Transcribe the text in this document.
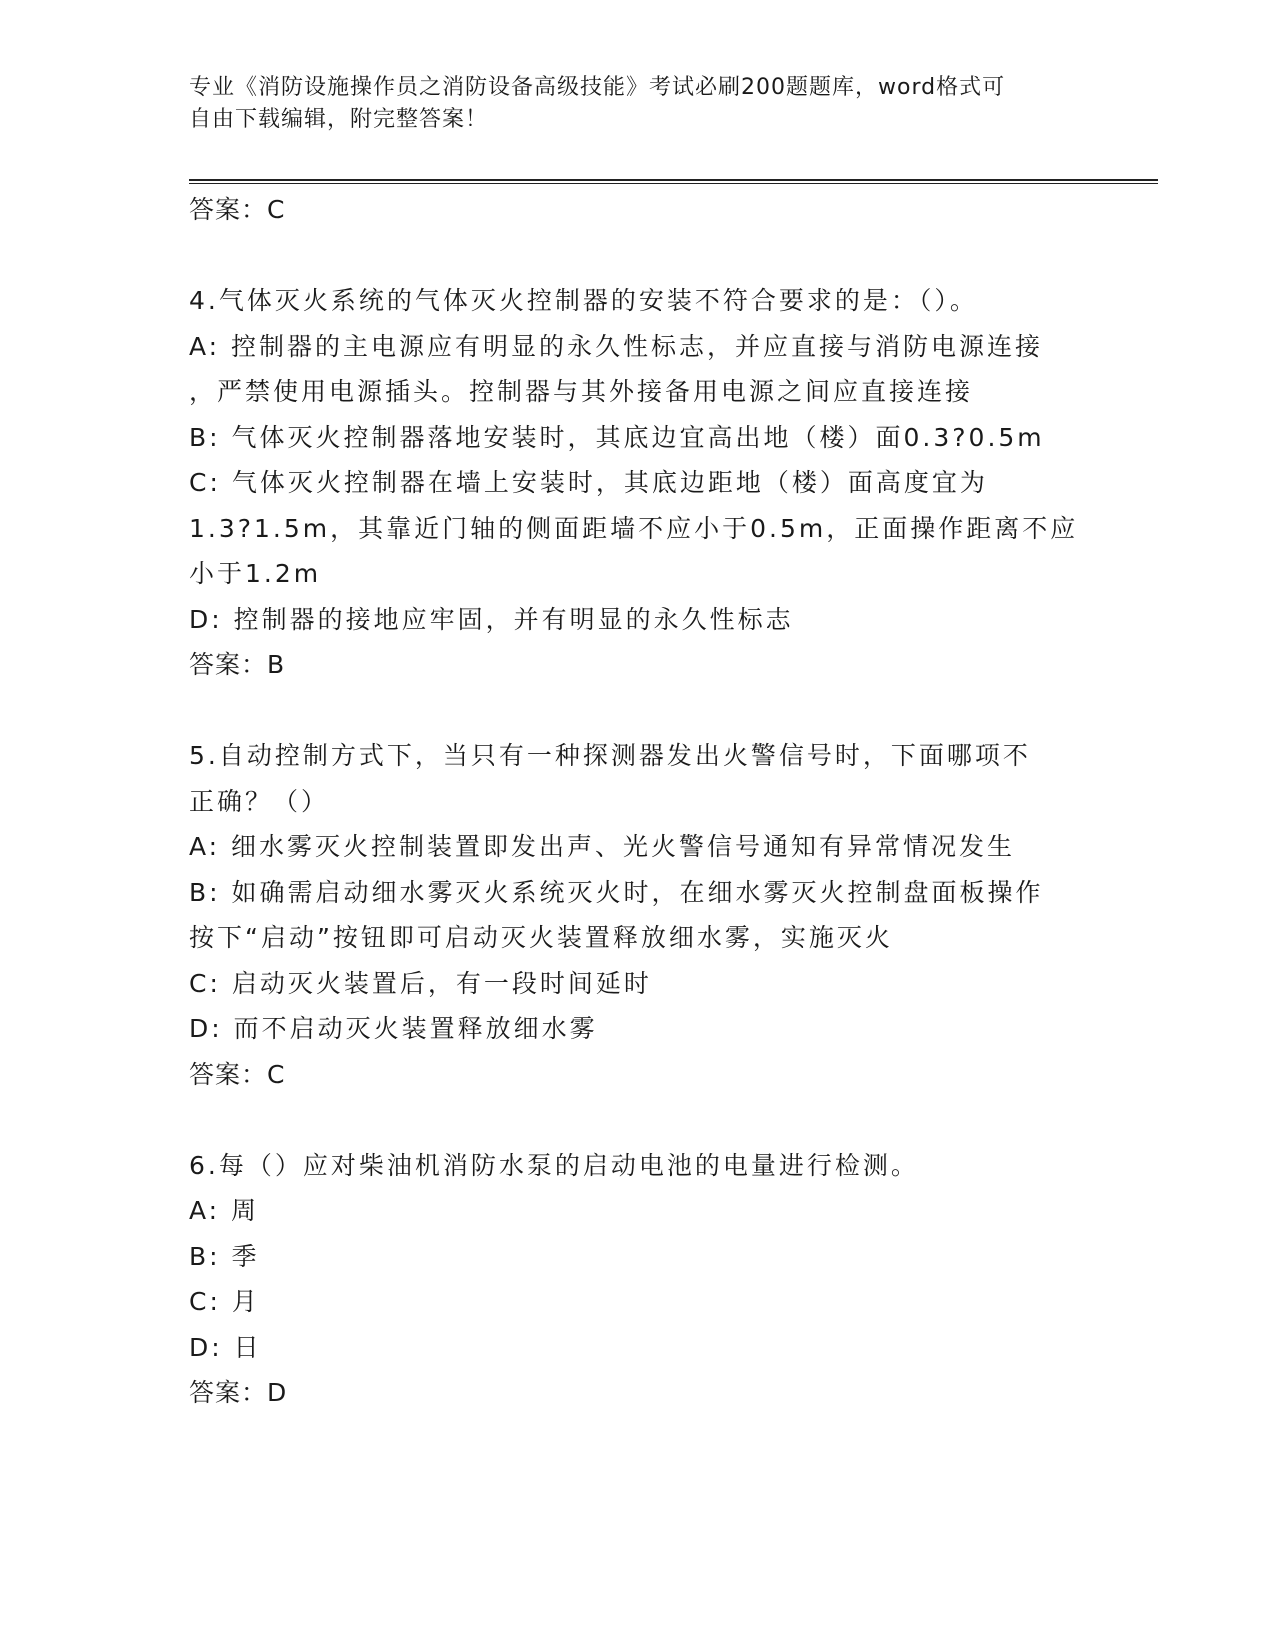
专业《消防设施操作员之消防设备高级技能》考试必刷200题题库，word格式可
自由下载编辑，附完整答案！
答案：C
4.气体灭火系统的气体灭火控制器的安装不符合要求的是：（）。
A: 控制器的主电源应有明显的永久性标志，并应直接与消防电源连接
，严禁使用电源插头。控制器与其外接备用电源之间应直接连接
B: 气体灭火控制器落地安装时，其底边宜高出地（楼）面0.3?0.5m
C: 气体灭火控制器在墙上安装时，其底边距地（楼）面高度宜为
1.3?1.5m，其靠近门轴的侧面距墙不应小于0.5m，正面操作距离不应
小于1.2m
D: 控制器的接地应牢固，并有明显的永久性标志
答案：B
5.自动控制方式下，当只有一种探测器发出火警信号时，下面哪项不
正确？（）
A: 细水雾灭火控制装置即发出声、光火警信号通知有异常情况发生
B: 如确需启动细水雾灭火系统灭火时，在细水雾灭火控制盘面板操作
按下“启动”按钮即可启动灭火装置释放细水雾，实施灭火
C: 启动灭火装置后，有一段时间延时
D: 而不启动灭火装置释放细水雾
答案：C
6.每（）应对柴油机消防水泵的启动电池的电量进行检测。
A: 周
B: 季
C: 月
D: 日
答案：D
